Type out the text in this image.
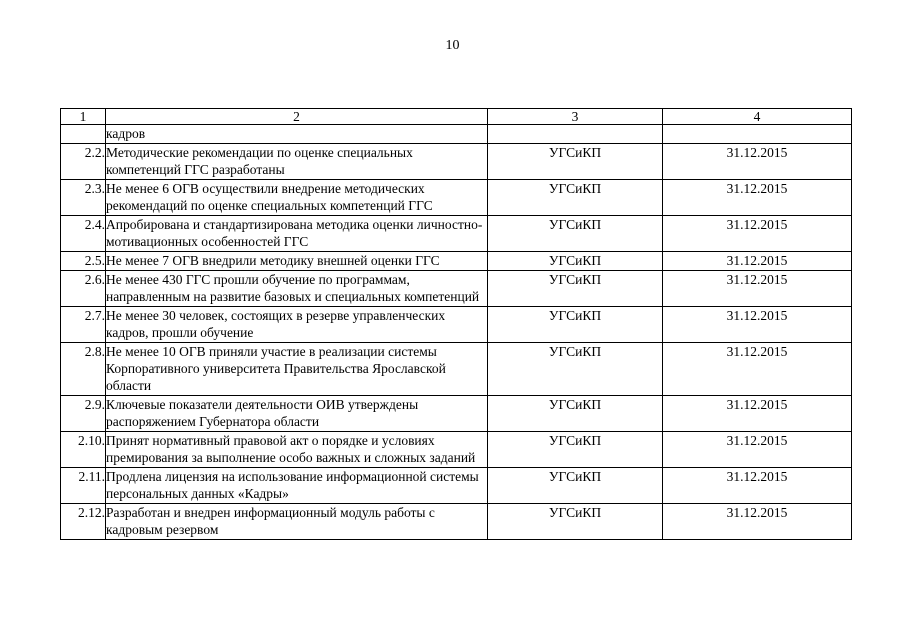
10
1	2	3	4
	кадров		
2.2.	Методические рекомендации по оценке специальных компетенций ГГС разработаны	УГСиКП	31.12.2015
2.3.	Не менее 6 ОГВ осуществили внедрение методических рекомендаций по оценке специальных компетенций ГГС	УГСиКП	31.12.2015
2.4.	Апробирована и стандартизирована методика оценки личностно-мотивационных особенностей ГГС	УГСиКП	31.12.2015
2.5.	Не менее 7 ОГВ внедрили методику внешней оценки ГГС	УГСиКП	31.12.2015
2.6.	Не менее 430 ГГС прошли обучение по программам, направленным на развитие базовых и специальных компетенций	УГСиКП	31.12.2015
2.7.	Не менее 30 человек, состоящих в резерве управленческих кадров, прошли обучение	УГСиКП	31.12.2015
2.8.	Не менее 10 ОГВ приняли участие в реализации системы Корпоративного университета Правительства Ярославской области	УГСиКП	31.12.2015
2.9.	Ключевые показатели деятельности ОИВ утверждены распоряжением Губернатора области	УГСиКП	31.12.2015
2.10.	Принят нормативный правовой акт о порядке и условиях премирования за выполнение особо важных и сложных заданий	УГСиКП	31.12.2015
2.11.	Продлена лицензия на использование информационной системы персональных данных «Кадры»	УГСиКП	31.12.2015
2.12.	Разработан и внедрен информационный модуль работы с кадровым резервом	УГСиКП	31.12.2015
